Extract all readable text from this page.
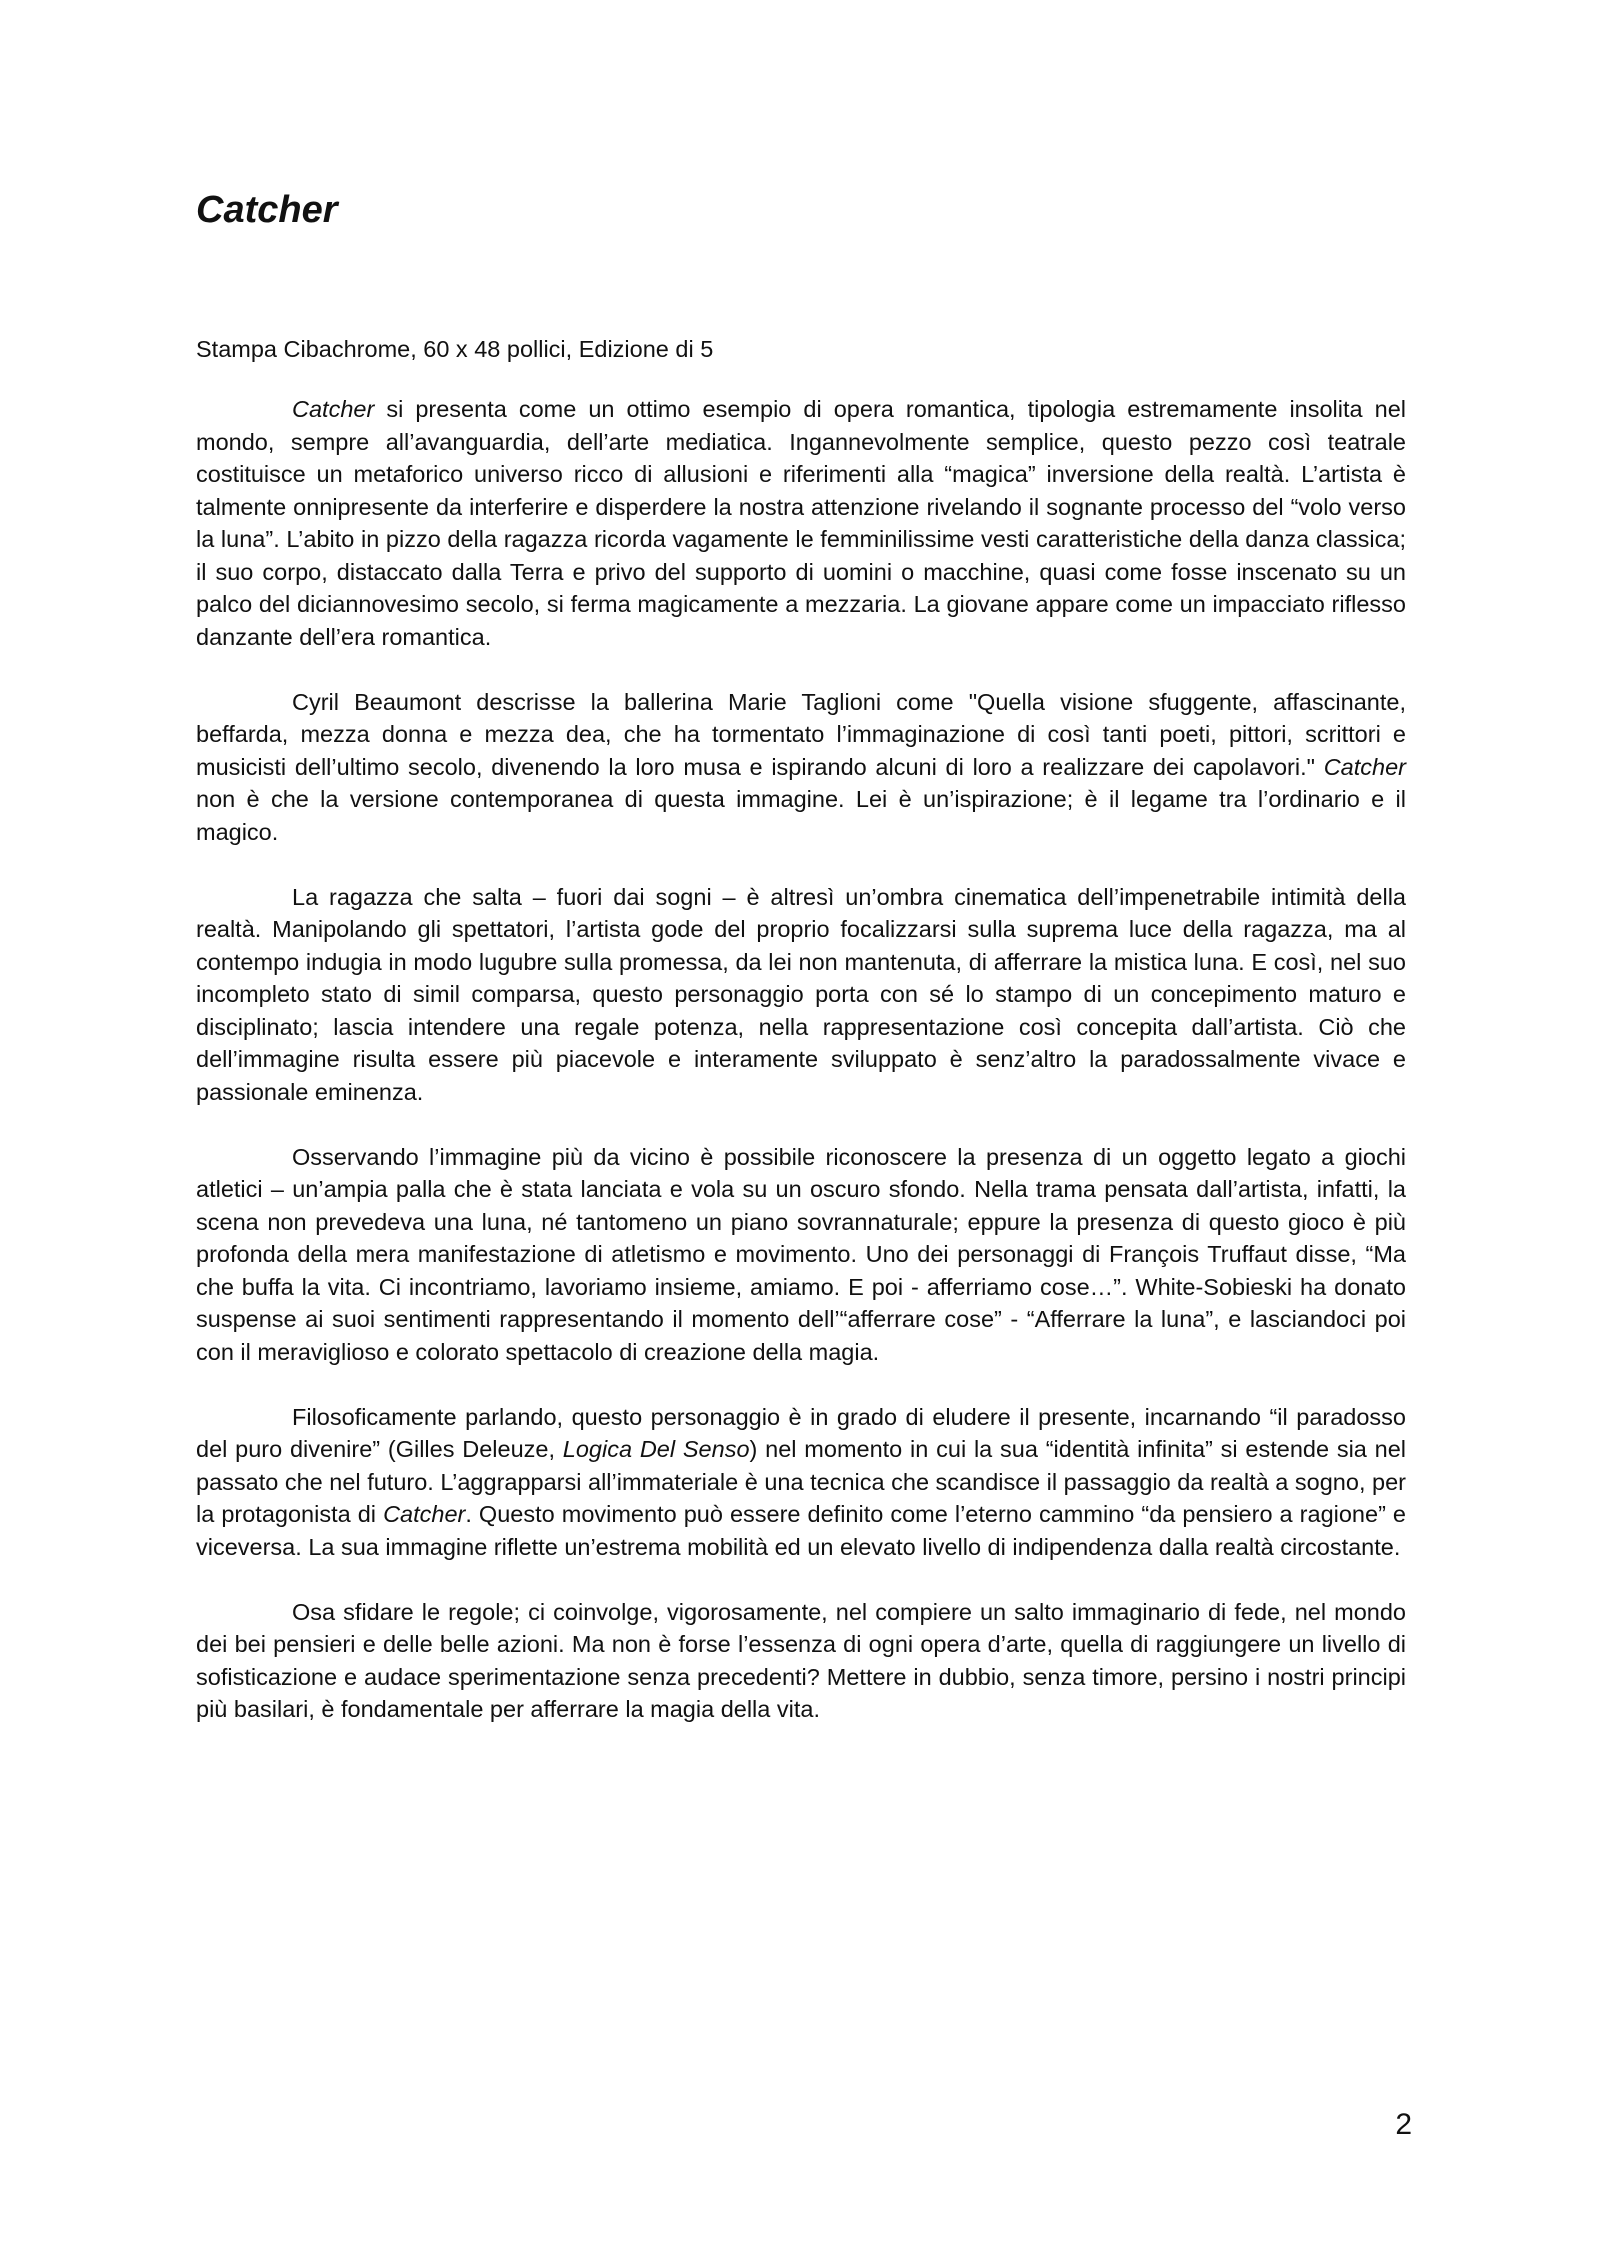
Catcher

Stampa Cibachrome, 60 x 48 pollici, Edizione di 5

Catcher si presenta come un ottimo esempio di opera romantica, tipologia estremamente insolita nel mondo, sempre all’avanguardia, dell’arte mediatica. Ingannevolmente semplice, questo pezzo così teatrale costituisce un metaforico universo ricco di allusioni e riferimenti alla “magica” inversione della realtà. L’artista è talmente onnipresente da interferire e disperdere la nostra attenzione rivelando il sognante processo del “volo verso la luna”. L’abito in pizzo della ragazza ricorda vagamente le femminilissime vesti caratteristiche della danza classica; il suo corpo, distaccato dalla Terra e privo del supporto di uomini o macchine, quasi come fosse inscenato su un palco del diciannovesimo secolo, si ferma magicamente a mezzaria. La giovane appare come un impacciato riflesso danzante dell’era romantica.

Cyril Beaumont descrisse la ballerina Marie Taglioni come "Quella visione sfuggente, affascinante, beffarda, mezza donna e mezza dea, che ha tormentato l’immaginazione di così tanti poeti, pittori, scrittori e musicisti dell’ultimo secolo, divenendo la loro musa e ispirando alcuni di loro a realizzare dei capolavori." Catcher non è che la versione contemporanea di questa immagine. Lei è un’ispirazione; è il legame tra l’ordinario e il magico.

La ragazza che salta – fuori dai sogni – è altresì un’ombra cinematica dell’impenetrabile intimità della realtà. Manipolando gli spettatori, l’artista gode del proprio focalizzarsi sulla suprema luce della ragazza, ma al contempo indugia in modo lugubre sulla promessa, da lei non mantenuta, di afferrare la mistica luna. E così, nel suo incompleto stato di simil comparsa, questo personaggio porta con sé lo stampo di un concepimento maturo e disciplinato; lascia intendere una regale potenza, nella rappresentazione così concepita dall’artista. Ciò che dell’immagine risulta essere più piacevole e interamente sviluppato è senz’altro la paradossalmente vivace e passionale eminenza.

Osservando l’immagine più da vicino è possibile riconoscere la presenza di un oggetto legato a giochi atletici – un’ampia palla che è stata lanciata e vola su un oscuro sfondo. Nella trama pensata dall’artista, infatti, la scena non prevedeva una luna, né tantomeno un piano sovrannaturale; eppure la presenza di questo gioco è più profonda della mera manifestazione di atletismo e movimento. Uno dei personaggi di François Truffaut disse, “Ma che buffa la vita. Ci incontriamo, lavoriamo insieme, amiamo. E poi - afferriamo cose…”. White-Sobieski ha donato suspense ai suoi sentimenti rappresentando il momento dell’“afferrare cose” - “Afferrare la luna”, e lasciandoci poi con il meraviglioso e colorato spettacolo di creazione della magia.

Filosoficamente parlando, questo personaggio è in grado di eludere il presente, incarnando “il paradosso del puro divenire” (Gilles Deleuze, Logica Del Senso) nel momento in cui la sua “identità infinita” si estende sia nel passato che nel futuro. L’aggrapparsi all’immateriale è una tecnica che scandisce il passaggio da realtà a sogno, per la protagonista di Catcher. Questo movimento può essere definito come l’eterno cammino “da pensiero a ragione” e viceversa. La sua immagine riflette un’estrema mobilità ed un elevato livello di indipendenza dalla realtà circostante.

Osa sfidare le regole; ci coinvolge, vigorosamente, nel compiere un salto immaginario di fede, nel mondo dei bei pensieri e delle belle azioni. Ma non è forse l’essenza di ogni opera d’arte, quella di raggiungere un livello di sofisticazione e audace sperimentazione senza precedenti? Mettere in dubbio, senza timore, persino i nostri principi più basilari, è fondamentale per afferrare la magia della vita.

2
